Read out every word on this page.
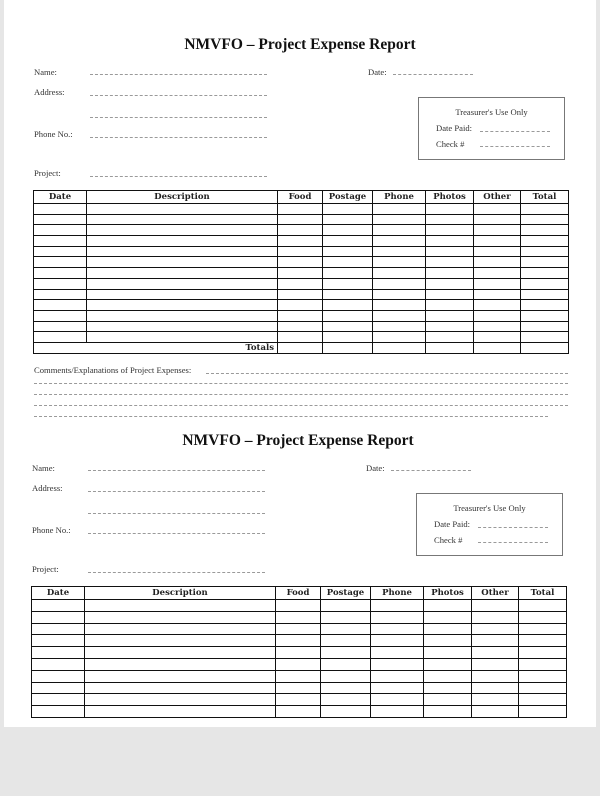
NMVFO – Project Expense Report
Name:
Address:
Phone No.:
Project:
Date:
Treasurer's Use Only
Date Paid:
Check #
Date	Description	Food	Postage	Phone	Photos	Other	Total

Totals							
Comments/Explanations of Project Expenses:
NMVFO – Project Expense Report
Name:
Address:
Phone No.:
Project:
Date:
Treasurer's Use Only
Date Paid:
Check #
Date	Description	Food	Postage	Phone	Photos	Other	Total
